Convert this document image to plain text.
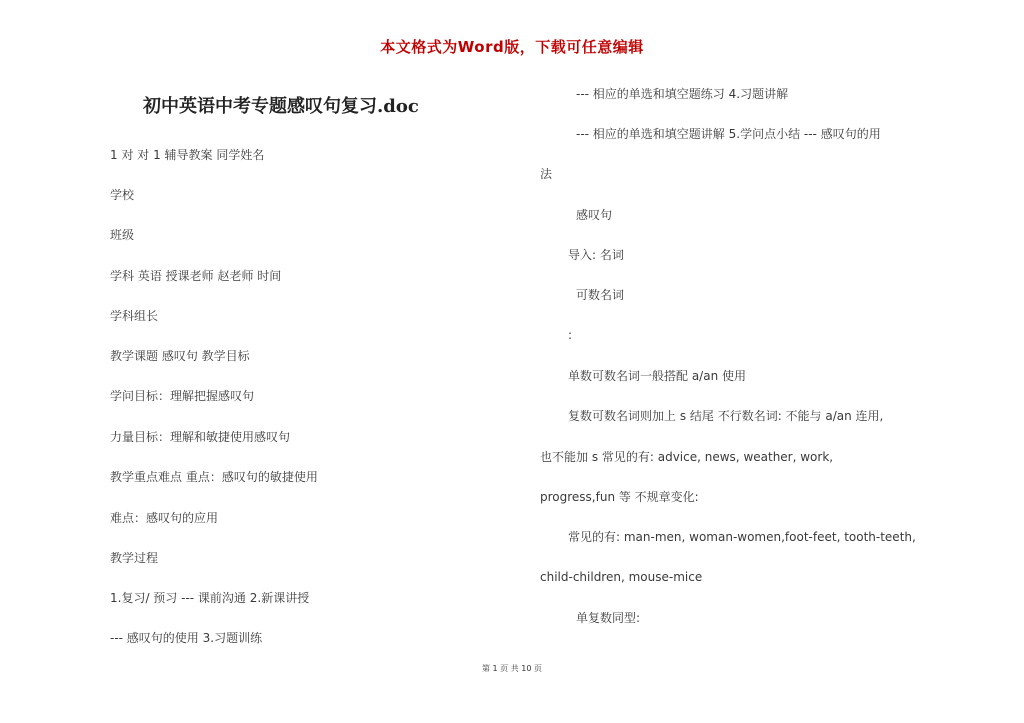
本文格式为Word版，下载可任意编辑
初中英语中考专题感叹句复习.doc
1 对 对 1 辅导教案 同学姓名
学校
班级
学科 英语 授课老师 赵老师 时间
学科组长
教学课题 感叹句 教学目标
学问目标：理解把握感叹句
力量目标：理解和敏捷使用感叹句
教学重点难点 重点：感叹句的敏捷使用
难点：感叹句的应用
教学过程
1.复习/ 预习 --- 课前沟通 2.新课讲授
--- 感叹句的使用 3.习题训练
--- 相应的单选和填空题练习 4.习题讲解
--- 相应的单选和填空题讲解 5.学问点小结 --- 感叹句的用
法
感叹句
导入: 名词
可数名词
:
单数可数名词一般搭配 a/an 使用
复数可数名词则加上 s 结尾 不行数名词: 不能与 a/an 连用,
也不能加 s 常见的有: advice, news, weather, work,
progress,fun 等 不规章变化:
常见的有: man-men, woman-women,foot-feet, tooth-teeth,
child-children, mouse-mice
单复数同型:
第 1 页 共 10 页
